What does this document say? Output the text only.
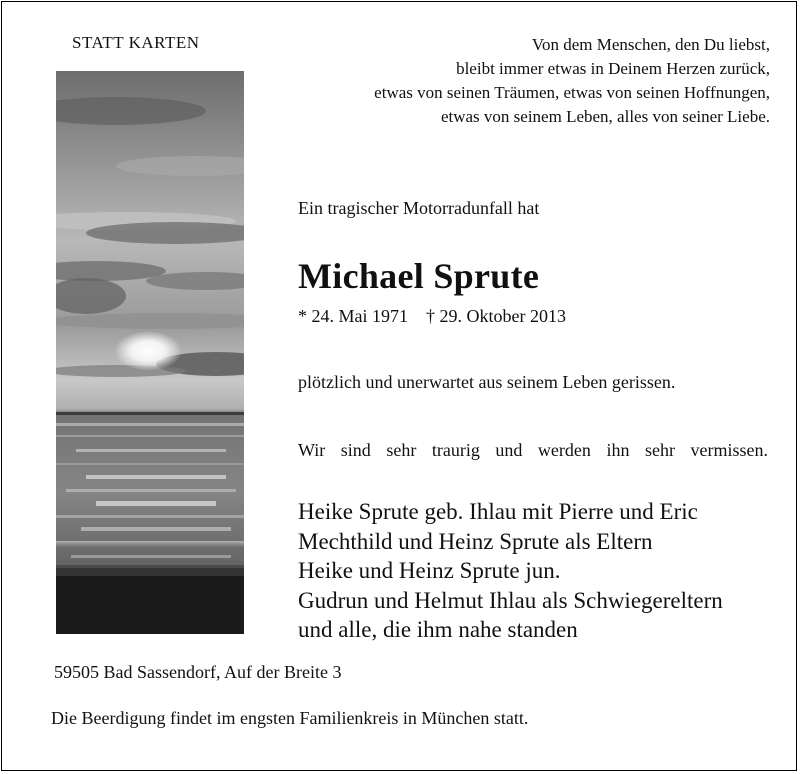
STATT KARTEN	Von dem Menschen, den Du liebst,
bleibt immer etwas in Deinem Herzen zurück,
etwas von seinen Träumen, etwas von seinen Hoffnungen,
etwas von seinem Leben, alles von seiner Liebe.
Ein tragischer Motorradunfall hat
Michael Sprute
* 24. Mai 1971 † 29. Oktober 2013
plötzlich und unerwartet aus seinem Leben gerissen.
Wir sind sehr traurig und werden ihn sehr vermissen.
Heike Sprute geb. Ihlau mit Pierre und Eric
Mechthild und Heinz Sprute als Eltern
Heike und Heinz Sprute jun.
Gudrun und Helmut Ihlau als Schwiegereltern
und alle, die ihm nahe standen
59505 Bad Sassendorf, Auf der Breite 3
Die Beerdigung findet im engsten Familienkreis in München statt.
